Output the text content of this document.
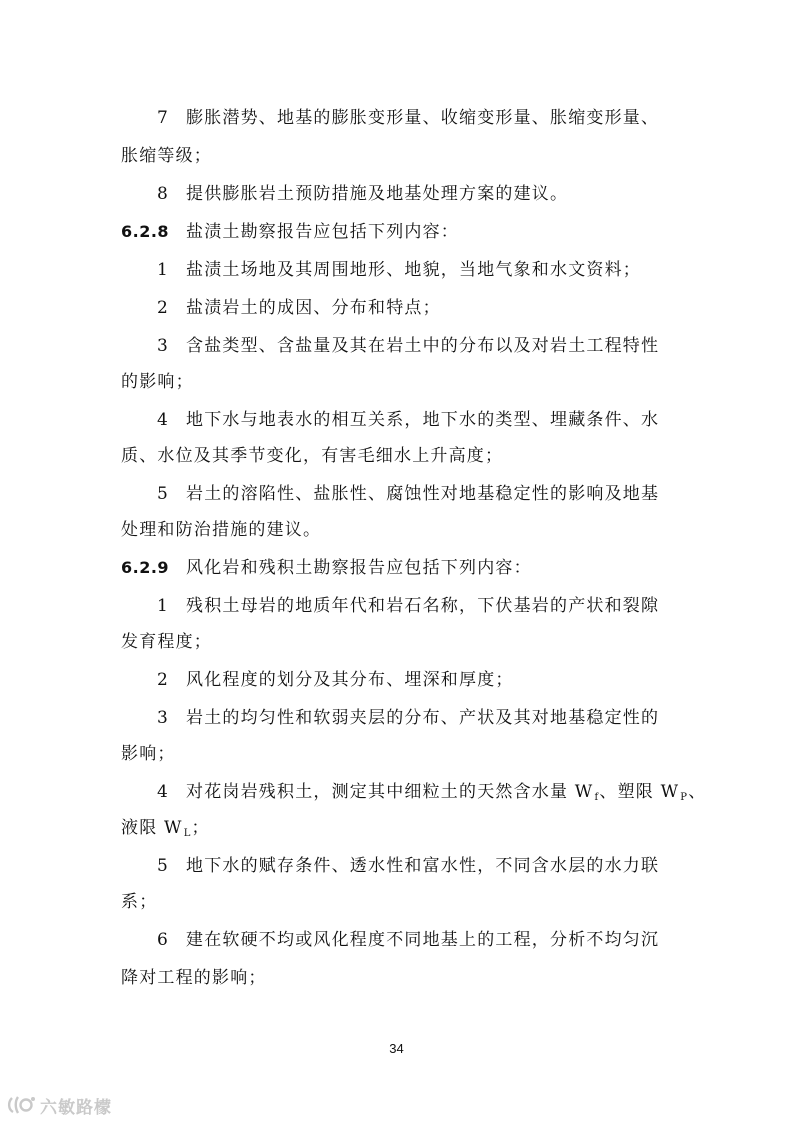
7	膨胀潜势、地基的膨胀变形量、收缩变形量、胀缩变形量、
胀缩等级；
8	提供膨胀岩土预防措施及地基处理方案的建议。
6.2.8 盐渍土勘察报告应包括下列内容：
1	盐渍土场地及其周围地形、地貌，当地气象和水文资料；
2	盐渍岩土的成因、分布和特点；
3	含盐类型、含盐量及其在岩土中的分布以及对岩土工程特性
的影响；
4	地下水与地表水的相互关系，地下水的类型、埋藏条件、水
质、水位及其季节变化，有害毛细水上升高度；
5	岩土的溶陷性、盐胀性、腐蚀性对地基稳定性的影响及地基
处理和防治措施的建议。
6.2.9 风化岩和残积土勘察报告应包括下列内容：
1	残积土母岩的地质年代和岩石名称，下伏基岩的产状和裂隙
发育程度；
2	风化程度的划分及其分布、埋深和厚度；
3	岩土的均匀性和软弱夹层的分布、产状及其对地基稳定性的
影响；
4	对花岗岩残积土，测定其中细粒土的天然含水量 Wf、塑限 WP、
液限 WL；
5	地下水的赋存条件、透水性和富水性，不同含水层的水力联
系；
6	建在软硬不均或风化程度不同地基上的工程，分析不均匀沉
降对工程的影响；
34
六敏路檬
